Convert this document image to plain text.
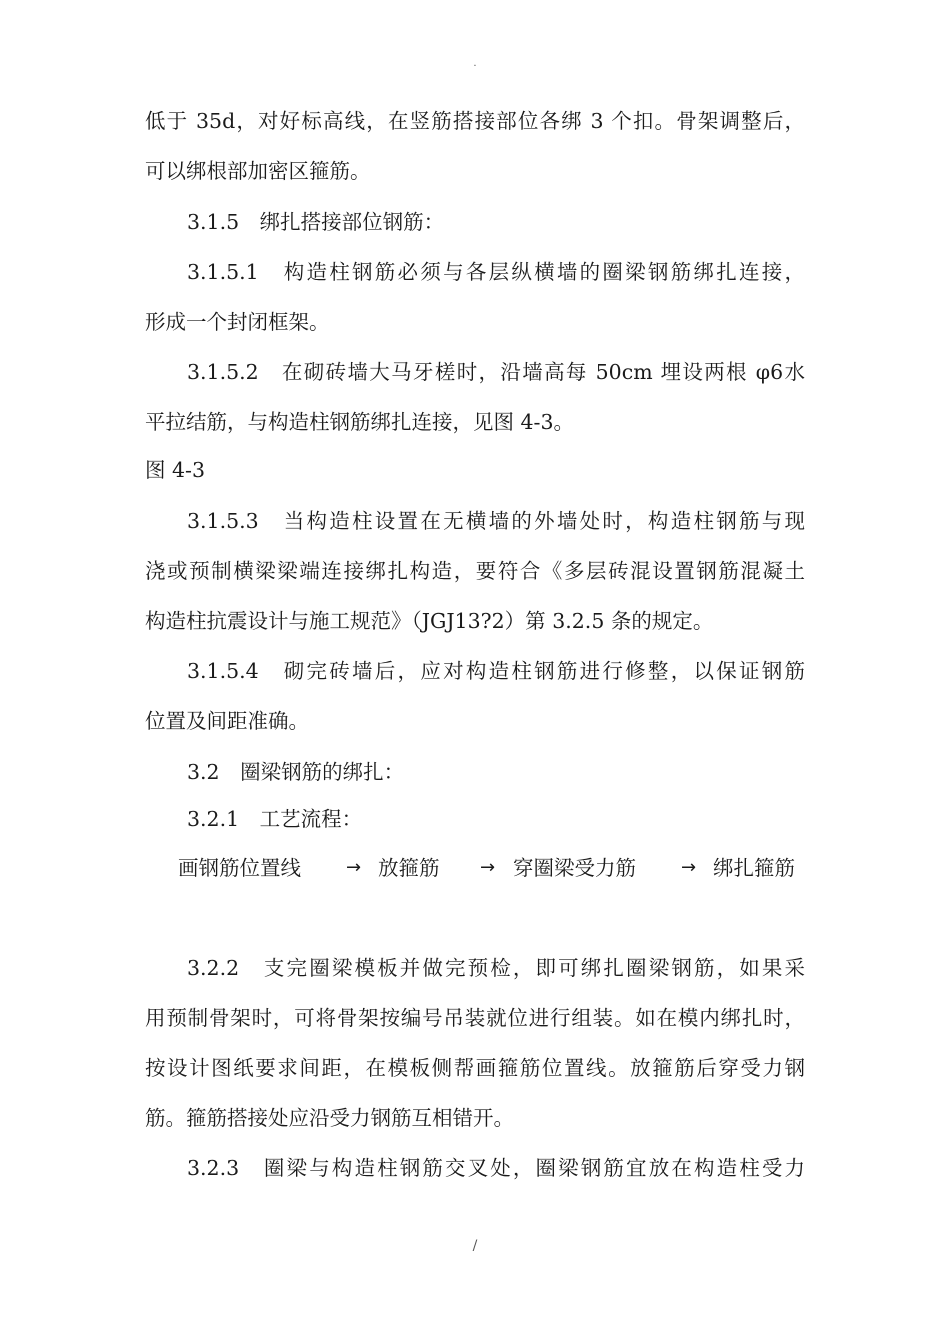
.
低于 35d，对好标高线，在竖筋搭接部位各绑 3 个扣。骨架调整后，
可以绑根部加密区箍筋。
3.1.5　绑扎搭接部位钢筋：
3.1.5.1　构造柱钢筋必须与各层纵横墙的圈梁钢筋绑扎连接，
形成一个封闭框架。
3.1.5.2　在砌砖墙大马牙槎时，沿墙高每 50cm 埋设两根 φ6水
平拉结筋，与构造柱钢筋绑扎连接，见图 4-3。
图 4-3
3.1.5.3　当构造柱设置在无横墙的外墙处时，构造柱钢筋与现
浇或预制横梁梁端连接绑扎构造，要符合《多层砖混设置钢筋混凝土
构造柱抗震设计与施工规范》（JGJ13?2）第 3.2.5 条的规定。
3.1.5.4　砌完砖墙后，应对构造柱钢筋进行修整，以保证钢筋
位置及间距准确。
3.2　圈梁钢筋的绑扎：
3.2.1　工艺流程：
画钢筋位置线	→ 放箍筋 → 穿圈梁受力筋	→ 绑扎箍筋
3.2.2　支完圈梁模板并做完预检，即可绑扎圈梁钢筋，如果采
用预制骨架时，可将骨架按编号吊装就位进行组装。如在模内绑扎时，
按设计图纸要求间距，在模板侧帮画箍筋位置线。放箍筋后穿受力钢
筋。箍筋搭接处应沿受力钢筋互相错开。
3.2.3　圈梁与构造柱钢筋交叉处，圈梁钢筋宜放在构造柱受力
/
